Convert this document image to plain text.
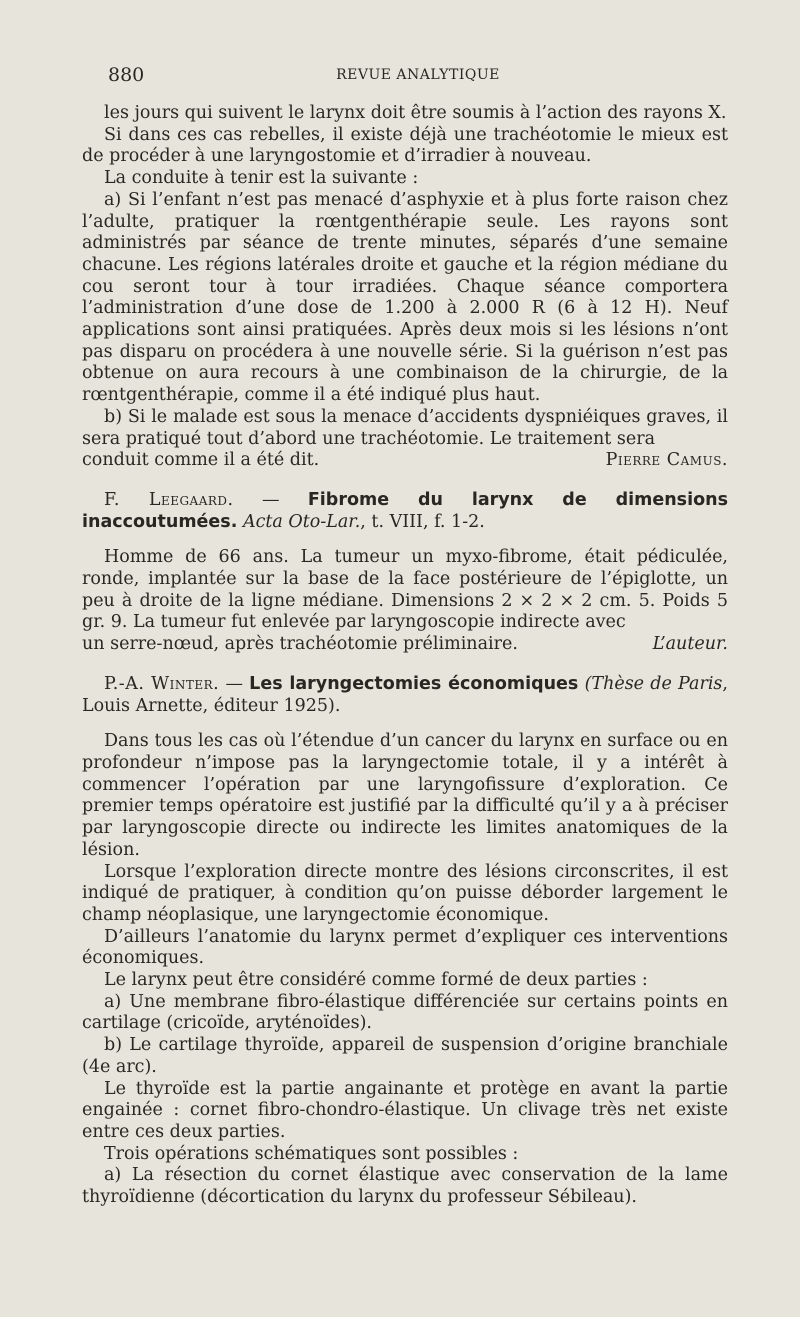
880	REVUE ANALYTIQUE

les jours qui suivent le larynx doit être soumis à l’action des rayons X.

Si dans ces cas rebelles, il existe déjà une trachéotomie le mieux est de procéder à une laryngostomie et d’irradier à nouveau.

La conduite à tenir est la suivante :

a) Si l’enfant n’est pas menacé d’asphyxie et à plus forte raison chez l’adulte, pratiquer la rœntgenthérapie seule. Les rayons sont administrés par séance de trente minutes, séparés d’une semaine chacune. Les régions latérales droite et gauche et la région médiane du cou seront tour à tour irradiées. Chaque séance comportera l’administration d’une dose de 1.200 à 2.000 R (6 à 12 H). Neuf applications sont ainsi pratiquées. Après deux mois si les lésions n’ont pas disparu on procédera à une nouvelle série. Si la guérison n’est pas obtenue on aura recours à une combinaison de la chirurgie, de la rœntgenthérapie, comme il a été indiqué plus haut.

b) Si le malade est sous la menace d’accidents dyspniéiques graves, il sera pratiqué tout d’abord une trachéotomie. Le traitement sera

conduit comme il a été dit.	Pierre Camus.

F. Leegaard. — Fibrome du larynx de dimensions inaccoutumées. Acta Oto-Lar., t. VIII, f. 1-2.

Homme de 66 ans. La tumeur un myxo-fibrome, était pédiculée, ronde, implantée sur la base de la face postérieure de l’épiglotte, un peu à droite de la ligne médiane. Dimensions 2 × 2 × 2 cm. 5. Poids 5 gr. 9. La tumeur fut enlevée par laryngoscopie indirecte avec

un serre-nœud, après trachéotomie préliminaire.	L’auteur.

P.-A. Winter. — Les laryngectomies économiques (Thèse de Paris, Louis Arnette, éditeur 1925).

Dans tous les cas où l’étendue d’un cancer du larynx en surface ou en profondeur n’impose pas la laryngectomie totale, il y a intérêt à commencer l’opération par une laryngofissure d’exploration. Ce premier temps opératoire est justifié par la difficulté qu’il y a à préciser par laryngoscopie directe ou indirecte les limites anatomiques de la lésion.

Lorsque l’exploration directe montre des lésions circonscrites, il est indiqué de pratiquer, à condition qu’on puisse déborder largement le champ néoplasique, une laryngectomie économique.

D’ailleurs l’anatomie du larynx permet d’expliquer ces interventions économiques.

Le larynx peut être considéré comme formé de deux parties :

a) Une membrane fibro-élastique différenciée sur certains points en cartilage (cricoïde, aryténoïdes).

b) Le cartilage thyroïde, appareil de suspension d’origine branchiale (4e arc).

Le thyroïde est la partie angainante et protège en avant la partie engainée : cornet fibro-chondro-élastique. Un clivage très net existe entre ces deux parties.

Trois opérations schématiques sont possibles :

a) La résection du cornet élastique avec conservation de la lame thyroïdienne (décortication du larynx du professeur Sébileau).
